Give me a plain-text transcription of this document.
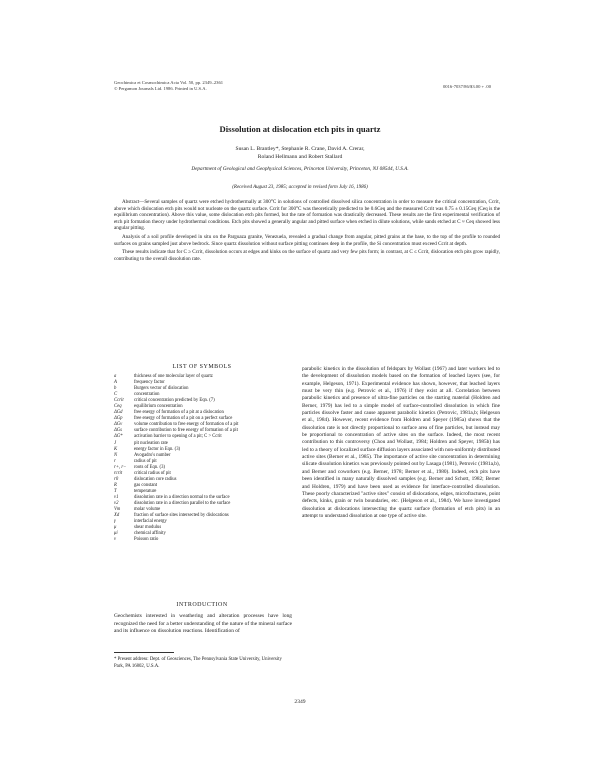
Geochimica et Cosmochimica Acta Vol. 50, pp. 2349–2361
© Pergamon Journals Ltd. 1986. Printed in U.S.A.	0016-7037/86/$3.00 + .00
Dissolution at dislocation etch pits in quartz
Susan L. Brantley*, Stephanie R. Crane, David A. Crerar,
Roland Hellmann and Robert Stallard
Department of Geological and Geophysical Sciences, Princeton University, Princeton, NJ 08544, U.S.A.
(Received August 23, 1985; accepted in revised form July 16, 1986)

Abstract—Several samples of quartz were etched hydrothermally at 300°C in solutions of controlled dissolved silica concentration in order to measure the critical concentration, Ccrit, above which dislocation etch pits would not nucleate on the quartz surface. Ccrit for 300°C was theoretically predicted to be 0.6Ceq and the measured Ccrit was 0.75 ± 0.15Ceq (Ceq is the equilibrium concentration). Above this value, some dislocation etch pits formed, but the rate of formation was drastically decreased. These results are the first experimental verification of etch pit formation theory under hydrothermal conditions. Etch pits showed a generally angular and pitted surface when etched in dilute solutions, while sands etched at C ≈ Ceq showed less angular pitting.

Analysis of a soil profile developed in situ on the Parguaza granite, Venezuela, revealed a gradual change from angular, pitted grains at the base, to the top of the profile to rounded surfaces on grains sampled just above bedrock. Since quartz dissolution without surface pitting continues deep in the profile, the Si concentration must exceed Ccrit at depth.

These results indicate that for C ≥ Ccrit, dissolution occurs at edges and kinks on the surface of quartz and very few pits form; in contrast, at C ≤ Ccrit, dislocation etch pits grow rapidly, contributing to the overall dissolution rate.

LIST OF SYMBOLS
a	thickness of one molecular layer of quartz
A	frequency factor
b	Burgers vector of dislocation
C	concentration
Ccrit	critical concentration predicted by Eqn. (7)
Ceq	equilibrium concentration
ΔGd	free energy of formation of a pit at a dislocation
ΔGp	free energy of formation of a pit on a perfect surface
ΔGv	volume contribution to free energy of formation of a pit
ΔGs	surface contribution to free energy of formation of a pit
ΔG*	activation barrier to opening of a pit; C > Ccrit
J	pit nucleation rate
K	energy factor in Eqn. (3)
N	Avogadro's number
r	radius of pit
r+, r−	roots of Eqn. (3)
rcrit	critical radius of pit
r0	dislocation core radius
R	gas constant
T	temperature
v1	dissolution rate in a direction normal to the surface
v2	dissolution rate in a direction parallel to the surface
Vm	molar volume
Xd	fraction of surface sites intersected by dislocations
γ	interfacial energy
μ	shear modulus
μi	chemical affinity
ν	Poisson ratio
INTRODUCTION
Geochemists interested in weathering and alteration processes have long recognized the need for a better understanding of the nature of the mineral surface and its influence on dissolution reactions. Identification of
* Present address: Dept. of Geosciences, The Pennsylvania State University, University Park, PA 16802, U.S.A.

parabolic kinetics in the dissolution of feldspars by Wollast (1967) and later workers led to the development of dissolution models based on the formation of leached layers (see, for example, Helgeson, 1971). Experimental evidence has shown, however, that leached layers must be very thin (e.g. Petrovic et al., 1976) if they exist at all. Correlation between parabolic kinetics and presence of ultra-fine particles on the starting material (Holdren and Berner, 1979) has led to a simple model of surface-controlled dissolution in which fine particles dissolve faster and cause apparent parabolic kinetics (Petrovic, 1981a,b; Helgeson et al., 1984). However, recent evidence from Holdren and Speyer (1985a) shows that the dissolution rate is not directly proportional to surface area of fine particles, but instead may be proportional to concentration of active sites on the surface. Indeed, the most recent contribution to this controversy (Chou and Wollast, 1984; Holdren and Speyer, 1985b) has led to a theory of localized surface diffusion layers associated with non-uniformly distributed active sites (Berner et al., 1985). The importance of active site concentration in determining silicate dissolution kinetics was previously pointed out by Lasaga (1981), Petrovic (1981a,b), and Berner and coworkers (e.g. Berner, 1978; Berner et al., 1980). Indeed, etch pits have been identified in many naturally dissolved samples (e.g. Berner and Schott, 1982; Berner and Holdren, 1979) and have been used as evidence for interface-controlled dissolution. These poorly characterized "active sites" consist of dislocations, edges, microfractures, point defects, kinks, grain or twin boundaries, etc. (Helgeson et al., 1984). We have investigated dissolution at dislocations intersecting the quartz surface (formation of etch pits) in an attempt to understand dissolution at one type of active site.

2349
